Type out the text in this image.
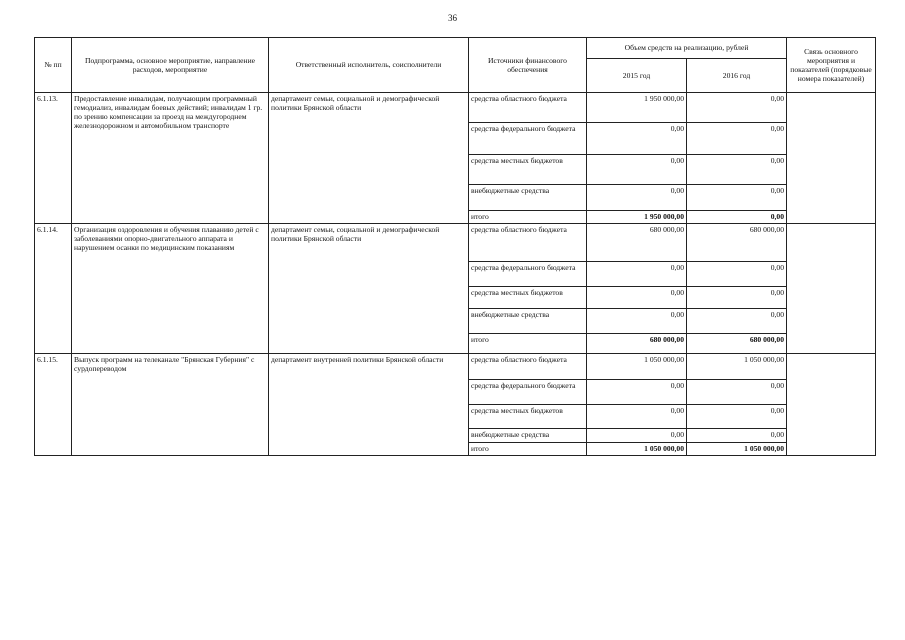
36
№ пп	Подпрограмма, основное мероприятие, направление расходов, мероприятие	Ответственный исполнитель, соисполнители	Источники финансового обеспечения	Объем средств на реализацию, рублей		Связь основного мероприятия и показателей (порядковые номера показателей)
				2015 год	2016 год	
6.1.13.	Предоставление инвалидам, получающим программный гемодиализ, инвалидам боевых действий; инвалидам 1 гр. по зрению компенсации за проезд на междугороднем железнодорожном и автомобильном транспорте	департамент семьи, социальной и демографической политики Брянской области	средства областного бюджета	1 950 000,00	0,00	
			средства федерального бюджета	0,00	0,00	
			средства местных бюджетов	0,00	0,00	
			внебюджетные средства	0,00	0,00	
			итого	1 950 000,00	0,00	
6.1.14.	Организация оздоровления и обучения плаванию детей с заболеваниями опорно-двигательного аппарата и нарушением осанки по медицинским показаниям	департамент семьи, социальной и демографической политики Брянской области	средства областного бюджета	680 000,00	680 000,00	
			средства федерального бюджета	0,00	0,00	
			средства местных бюджетов	0,00	0,00	
			внебюджетные средства	0,00	0,00	
			итого	680 000,00	680 000,00	
6.1.15.	Выпуск программ на телеканале "Брянская Губерния" с сурдопереводом	департамент внутренней политики Брянской области	средства областного бюджета	1 050 000,00	1 050 000,00	
			средства федерального бюджета	0,00	0,00	
			средства местных бюджетов	0,00	0,00	
			внебюджетные средства	0,00	0,00	
			итого	1 050 000,00	1 050 000,00	
